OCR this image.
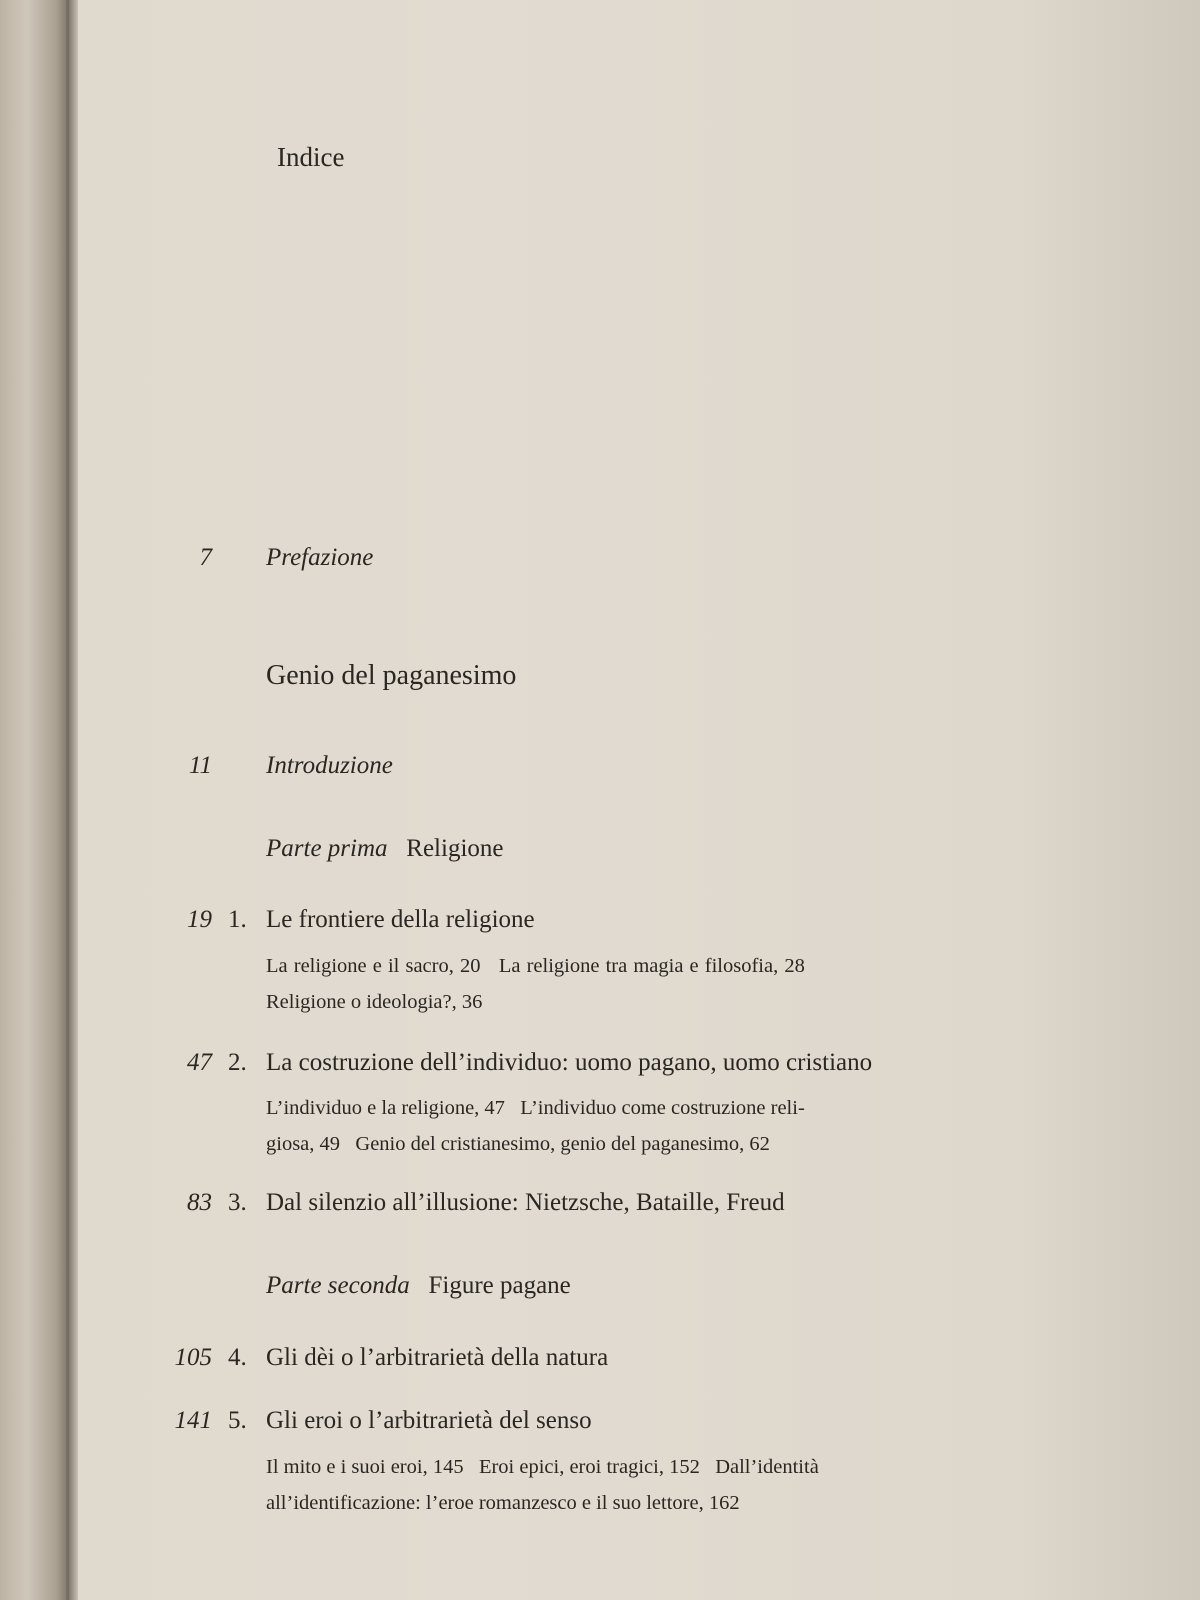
Indice
7 Prefazione
Genio del paganesimo
11 Introduzione
Parte prima Religione
19 1. Le frontiere della religione
La religione e il sacro, 20   La religione tra magia e filosofia, 28
Religione o ideologia?, 36
47 2. La costruzione dell’individuo: uomo pagano, uomo cristiano
L’individuo e la religione, 47   L’individuo come costruzione reli-
giosa, 49   Genio del cristianesimo, genio del paganesimo, 62
83 3. Dal silenzio all’illusione: Nietzsche, Bataille, Freud
Parte seconda Figure pagane
105 4. Gli dèi o l’arbitrarietà della natura
141 5. Gli eroi o l’arbitrarietà del senso
Il mito e i suoi eroi, 145   Eroi epici, eroi tragici, 152   Dall’identità
all’identificazione: l’eroe romanzesco e il suo lettore, 162
